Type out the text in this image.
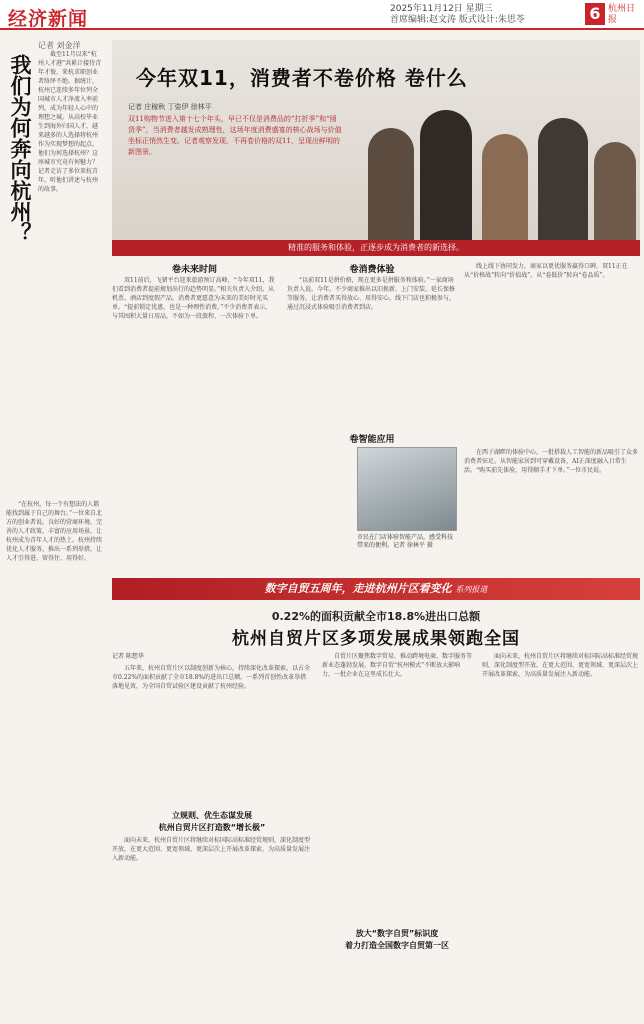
经济新闻	2025年11月12日 星期三
首席编辑:赵文涛 版式设计:朱思苓	6 杭州日报
我们为何奔向杭州？
记者 刘金洋
截至11月以来“杭州人才港”共累计接待青年才俊，来杭求职创业者络绎不绝。据统计，杭州已连续多年位列全国城市人才净流入率前列，成为年轻人心中的理想之城。从高校毕业生到海外归国人才，越来越多的人选择将杭州作为实现梦想的起点。他们为何选择杭州？这座城市究竟有何魅力？记者走访了多位来杭青年，听他们讲述与杭州的故事。
“在杭州，每一个有想法的人都能找到属于自己的舞台。”一位来自北方的创业者说。良好的营商环境、完善的人才政策、丰富的应用场景，让杭州成为青年人才的热土。杭州持续优化人才服务，推出一系列举措，让人才引得进、留得住、用得好。
今年双11，消费者不卷价格 卷什么
记者 庄稼秋 丁姿伊 徐林平
双11购物节进入第十七个年头，早已不仅是消费品的“打折季”和“囤货季”，当消费者越发成熟理性，这场年度消费盛宴的核心战场与价值坐标正悄然生变。记者观察发现，不再卷价格的双11，呈现出鲜明的新图景。
精准的服务和体验，正逐步成为消费者的新选择。
卷未来时间
双11前后，飞猪平台迎来旅游预订高峰，“今年双11，我们看到消费者提前规划出行的趋势明显。”相关负责人介绍。从机票、酒店到度假产品，消费者更愿意为未来的美好时光买单。“提前锁定优惠，也是一种理性消费。”不少消费者表示，与其囤积大量日用品，不如为一段旅程、一次体验下单。
卷消费体验
“以前双11是拼价格，现在更多是拼服务和体验。”一家商场负责人说。今年，不少商家推出以旧换新、上门安装、延长保修等服务，让消费者买得放心、用得安心。线下门店也积极参与，通过沉浸式体验吸引消费者到店。
卷智能应用
市民在门店体验智能产品，感受科技带来的便利。记者 徐林平 摄
线上线下协同发力，商家以更优服务赢得口碑，双11正在从“价格战”转向“价值战”，从“卷低价”转向“卷品质”。
在西子湖畔的体验中心，一批搭载人工智能的新品吸引了众多消费者驻足。从智能家居到可穿戴设备，AI正深度融入日常生活。“购买前先体验，用得顺手才下单。”一位市民说。
数字自贸五周年，走进杭州片区看变化 系列报道
0.22%的面积贡献全市18.8%进出口总额
杭州自贸片区多项发展成果领跑全国
记者 陈想华
五年来，杭州自贸片区以制度创新为核心，持续深化改革探索，以占全市0.22%的面积贡献了全市18.8%的进出口总额。一系列首创性改革举措落地见效，为全国自贸试验区建设贡献了杭州经验。
立规则、优生态谋发展
杭州自贸片区打造数“增长极”
面向未来，杭州自贸片区将继续对标国际高标准经贸规则，深化制度型开放，在更大范围、更宽领域、更深层次上开展改革探索，为高质量发展注入新动能。
自贸片区聚焦数字贸易，推动跨境电商、数字服务等新业态蓬勃发展，数字自贸“杭州模式”不断放大影响力，一批企业在这里成长壮大。
放大“数字自贸”标识度
着力打造全国数字自贸第一区
面向未来，杭州自贸片区将继续对标国际高标准经贸规则，深化制度型开放，在更大范围、更宽领域、更深层次上开展改革探索，为高质量发展注入新动能。
